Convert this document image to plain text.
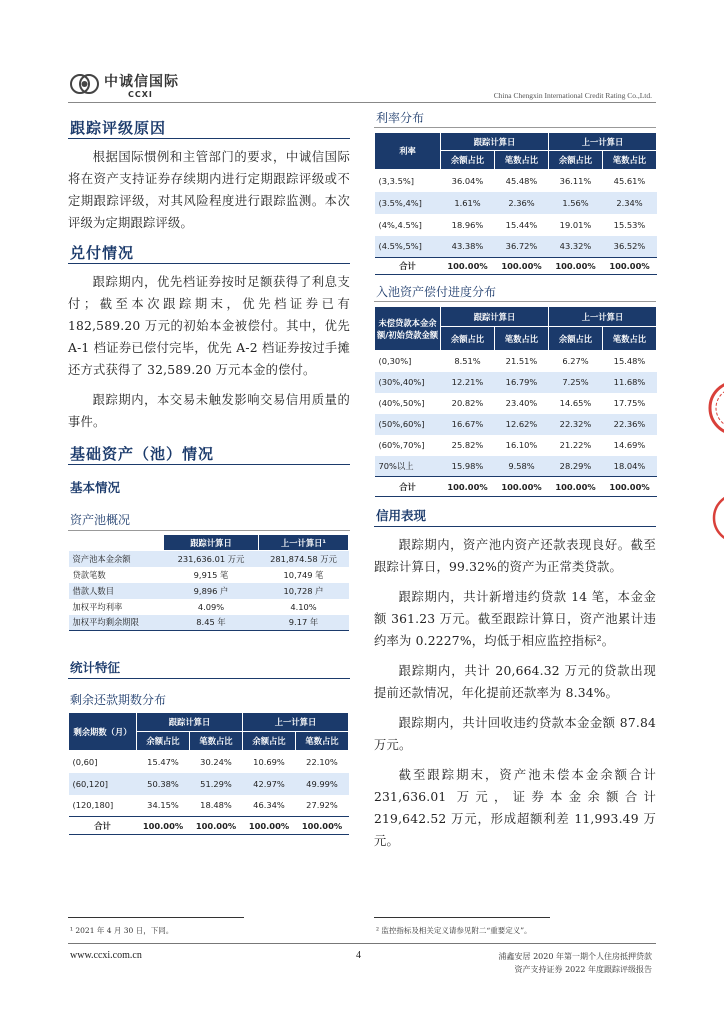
中诚信国际
CCXI	China Chengxin International Credit Rating Co.,Ltd.
跟踪评级原因

根据国际惯例和主管部门的要求，中诚信国际将在资产支持证券存续期内进行定期跟踪评级或不定期跟踪评级，对其风险程度进行跟踪监测。本次评级为定期跟踪评级。

兑付情况

跟踪期内，优先档证券按时足额获得了利息支付；截至本次跟踪期末，优先档证券已有 182,589.20 万元的初始本金被偿付。其中，优先 A-1 档证券已偿付完毕，优先 A-2 档证券按过手摊还方式获得了 32,589.20 万元本金的偿付。

跟踪期内，本交易未触发影响交易信用质量的事件。

基础资产（池）情况
基本情况
资产池概况
	跟踪计算日	上一计算日¹
资产池本金余额	231,636.01 万元	281,874.58 万元
贷款笔数	9,915 笔	10,749 笔
借款人数目	9,896 户	10,728 户
加权平均利率	4.09%	4.10%
加权平均剩余期限	8.45 年	9.17 年
统计特征
剩余还款期数分布
剩余期数（月）	跟踪计算日		上一计算日	
	余额占比	笔数占比	余额占比	笔数占比
(0,60]	15.47%	30.24%	10.69%	22.10%
(60,120]	50.38%	51.29%	42.97%	49.99%
(120,180]	34.15%	18.48%	46.34%	27.92%
合计	100.00%	100.00%	100.00%	100.00%
利率分布
利率	跟踪计算日		上一计算日	
	余额占比	笔数占比	余额占比	笔数占比
(3,3.5%]	36.04%	45.48%	36.11%	45.61%
(3.5%,4%]	1.61%	2.36%	1.56%	2.34%
(4%,4.5%]	18.96%	15.44%	19.01%	15.53%
(4.5%,5%]	43.38%	36.72%	43.32%	36.52%
合计	100.00%	100.00%	100.00%	100.00%
入池资产偿付进度分布
未偿贷款本金余额/初始贷款金额	跟踪计算日		上一计算日	
	余额占比	笔数占比	余额占比	笔数占比
(0,30%]	8.51%	21.51%	6.27%	15.48%
(30%,40%]	12.21%	16.79%	7.25%	11.68%
(40%,50%]	20.82%	23.40%	14.65%	17.75%
(50%,60%]	16.67%	12.62%	22.32%	22.36%
(60%,70%]	25.82%	16.10%	21.22%	14.69%
70%以上	15.98%	9.58%	28.29%	18.04%
合计	100.00%	100.00%	100.00%	100.00%
信用表现

跟踪期内，资产池内资产还款表现良好。截至跟踪计算日，99.32%的资产为正常类贷款。

跟踪期内，共计新增违约贷款 14 笔，本金金额 361.23 万元。截至跟踪计算日，资产池累计违约率为 0.2227%，均低于相应监控指标²。

跟踪期内，共计 20,664.32 万元的贷款出现提前还款情况，年化提前还款率为 8.34%。

跟踪期内，共计回收违约贷款本金金额 87.84 万元。

截至跟踪期末，资产池未偿本金余额合计 231,636.01 万元，证券本金余额合计 219,642.52 万元，形成超额利差 11,993.49 万元。

¹ 2021 年 4 月 30 日，下同。	² 监控指标及相关定义请参见附二“重要定义”。
www.ccxi.com.cn	4	浦鑫安居 2020 年第一期个人住房抵押贷款
资产支持证券 2022 年度跟踪评级报告
